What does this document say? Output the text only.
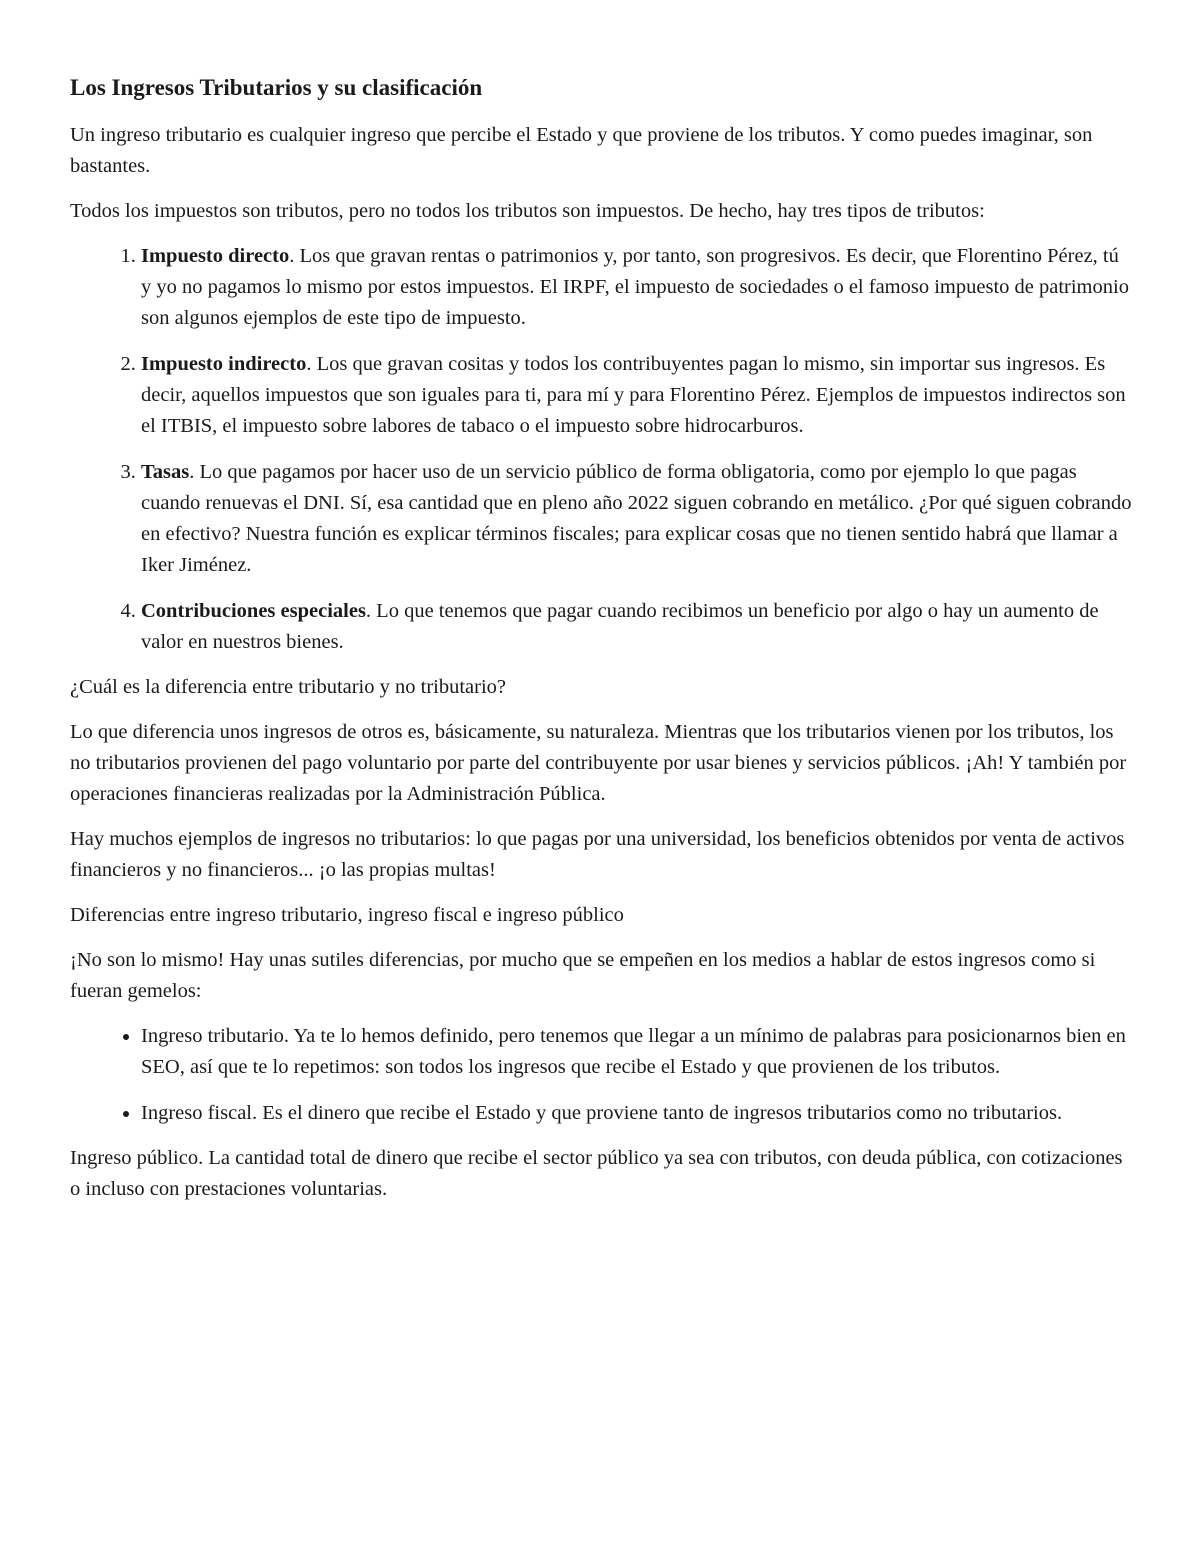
Los Ingresos Tributarios y su clasificación

Un ingreso tributario es cualquier ingreso que percibe el Estado y que proviene de los tributos. Y como puedes imaginar, son bastantes.

Todos los impuestos son tributos, pero no todos los tributos son impuestos. De hecho, hay tres tipos de tributos:

1. Impuesto directo. Los que gravan rentas o patrimonios y, por tanto, son progresivos. Es decir, que Florentino Pérez, tú y yo no pagamos lo mismo por estos impuestos. El IRPF, el impuesto de sociedades o el famoso impuesto de patrimonio son algunos ejemplos de este tipo de impuesto.
2. Impuesto indirecto. Los que gravan cositas y todos los contribuyentes pagan lo mismo, sin importar sus ingresos. Es decir, aquellos impuestos que son iguales para ti, para mí y para Florentino Pérez. Ejemplos de impuestos indirectos son el ITBIS, el impuesto sobre labores de tabaco o el impuesto sobre hidrocarburos.
3. Tasas. Lo que pagamos por hacer uso de un servicio público de forma obligatoria, como por ejemplo lo que pagas cuando renuevas el DNI. Sí, esa cantidad que en pleno año 2022 siguen cobrando en metálico. ¿Por qué siguen cobrando en efectivo? Nuestra función es explicar términos fiscales; para explicar cosas que no tienen sentido habrá que llamar a Iker Jiménez.
4. Contribuciones especiales. Lo que tenemos que pagar cuando recibimos un beneficio por algo o hay un aumento de valor en nuestros bienes.

¿Cuál es la diferencia entre tributario y no tributario?

Lo que diferencia unos ingresos de otros es, básicamente, su naturaleza. Mientras que los tributarios vienen por los tributos, los no tributarios provienen del pago voluntario por parte del contribuyente por usar bienes y servicios públicos. ¡Ah! Y también por operaciones financieras realizadas por la Administración Pública.

Hay muchos ejemplos de ingresos no tributarios: lo que pagas por una universidad, los beneficios obtenidos por venta de activos financieros y no financieros... ¡o las propias multas!

Diferencias entre ingreso tributario, ingreso fiscal e ingreso público

¡No son lo mismo! Hay unas sutiles diferencias, por mucho que se empeñen en los medios a hablar de estos ingresos como si fueran gemelos:

• Ingreso tributario. Ya te lo hemos definido, pero tenemos que llegar a un mínimo de palabras para posicionarnos bien en SEO, así que te lo repetimos: son todos los ingresos que recibe el Estado y que provienen de los tributos.
• Ingreso fiscal. Es el dinero que recibe el Estado y que proviene tanto de ingresos tributarios como no tributarios.

Ingreso público. La cantidad total de dinero que recibe el sector público ya sea con tributos, con deuda pública, con cotizaciones o incluso con prestaciones voluntarias.
